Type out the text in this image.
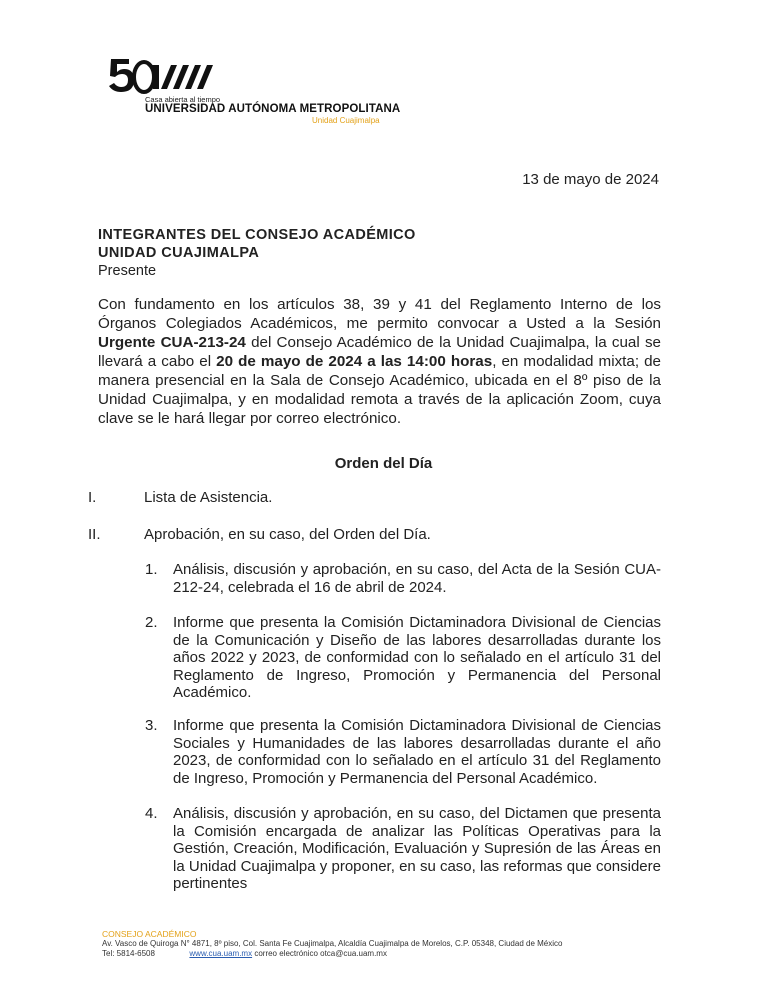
Casa abierta al tiempo
UNIVERSIDAD AUTÓNOMA METROPOLITANA
Unidad Cuajimalpa
13 de mayo de 2024
INTEGRANTES DEL CONSEJO ACADÉMICO
UNIDAD CUAJIMALPA
Presente
Con fundamento en los artículos 38, 39 y 41 del Reglamento Interno de los Órganos Colegiados Académicos, me permito convocar a Usted a la Sesión Urgente CUA-213-24 del Consejo Académico de la Unidad Cuajimalpa, la cual se llevará a cabo el 20 de mayo de 2024 a las 14:00 horas, en modalidad mixta; de manera presencial en la Sala de Consejo Académico, ubicada en el 8º piso de la Unidad Cuajimalpa, y en modalidad remota a través de la aplicación Zoom, cuya clave se le hará llegar por correo electrónico.
Orden del Día
I.	Lista de Asistencia.
II.	Aprobación, en su caso, del Orden del Día.
1. Análisis, discusión y aprobación, en su caso, del Acta de la Sesión CUA-212-24, celebrada el 16 de abril de 2024.
2. Informe que presenta la Comisión Dictaminadora Divisional de Ciencias de la Comunicación y Diseño de las labores desarrolladas durante los años 2022 y 2023, de conformidad con lo señalado en el artículo 31 del Reglamento de Ingreso, Promoción y Permanencia del Personal Académico.
3. Informe que presenta la Comisión Dictaminadora Divisional de Ciencias Sociales y Humanidades de las labores desarrolladas durante el año 2023, de conformidad con lo señalado en el artículo 31 del Reglamento de Ingreso, Promoción y Permanencia del Personal Académico.
4. Análisis, discusión y aprobación, en su caso, del Dictamen que presenta la Comisión encargada de analizar las Políticas Operativas para la Gestión, Creación, Modificación, Evaluación y Supresión de las Áreas en la Unidad Cuajimalpa y proponer, en su caso, las reformas que considere pertinentes
CONSEJO ACADÉMICO
Av. Vasco de Quiroga N° 4871, 8º piso, Col. Santa Fe Cuajimalpa, Alcaldía Cuajimalpa de Morelos, C.P. 05348, Ciudad de México
Tel: 5814-6508	www.cua.uam.mx correo electrónico otca@cua.uam.mx
